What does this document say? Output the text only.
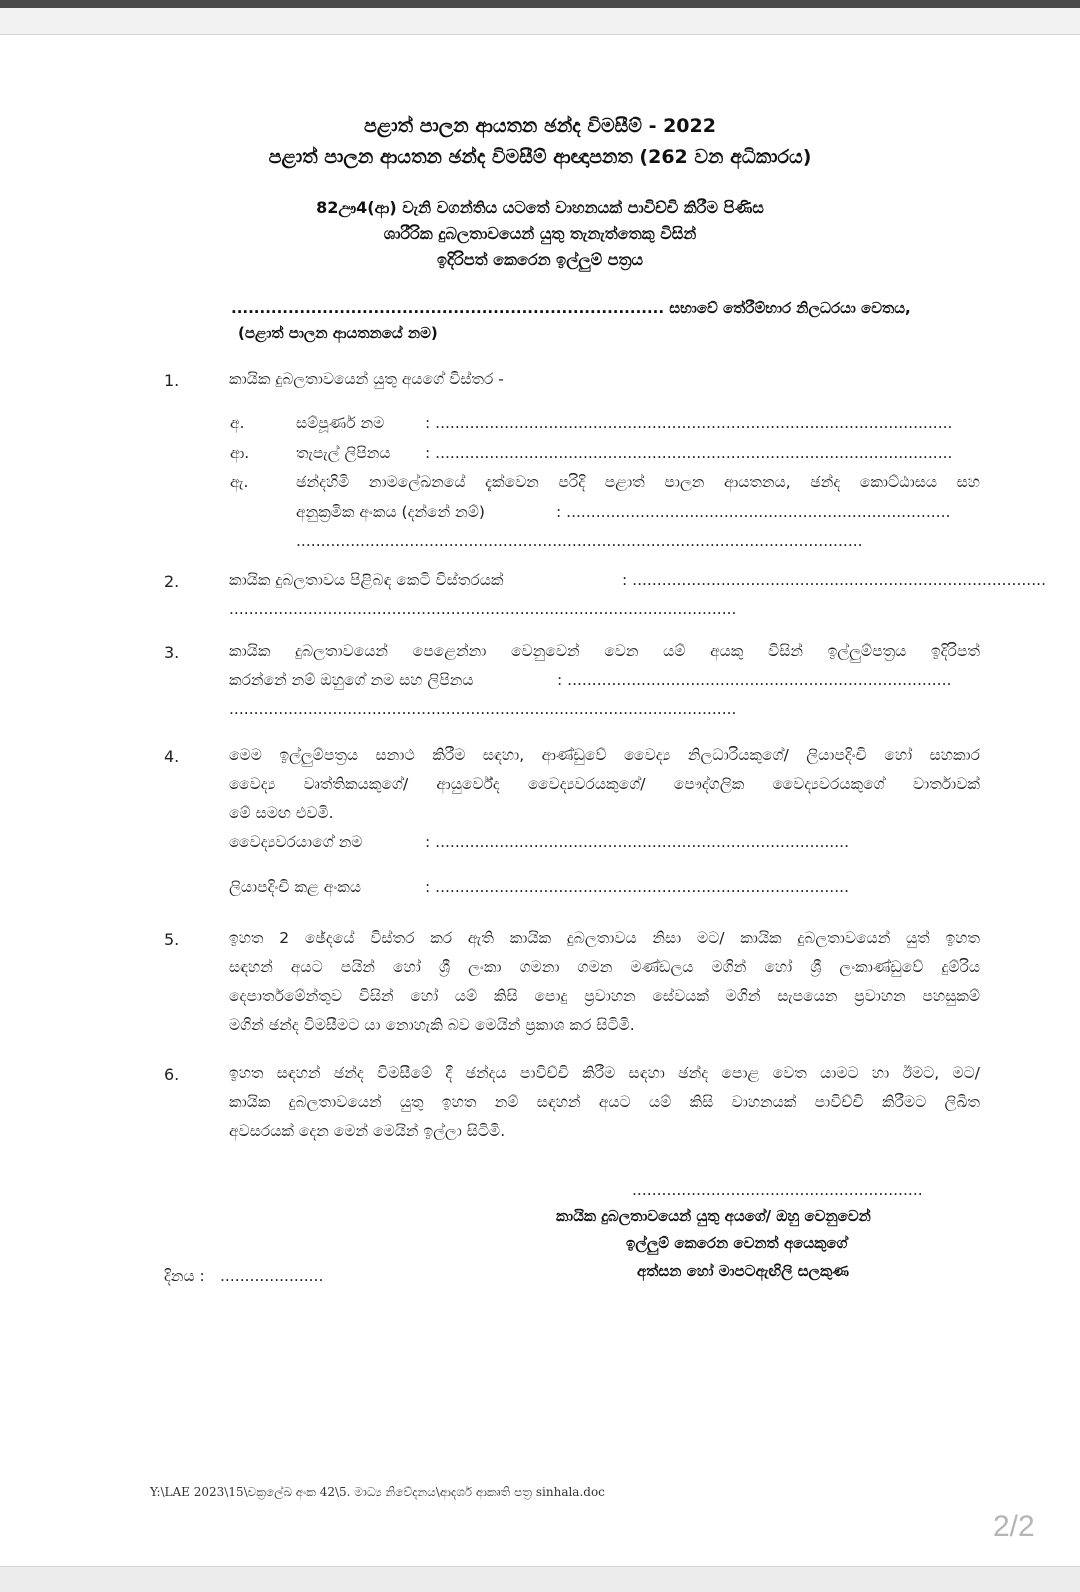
පළාත් පාලන ආයතන ඡන්ද විමසීම් - 2022
පළාත් පාලන ආයතන ඡන්ද විමසීම් ආඥාපනත (262 වන අධිකාරය)
82ඌ4(ආ) වැනි වගන්තිය යටතේ වාහනයක් පාවිච්චි කිරීම පිණිස
ශාරීරික දුබලතාවයෙන් යුතු තැනැත්තෙකු විසින්
ඉදිරිපත් කෙරෙන ඉල්ලුම් පත්‍රය
............................................................................ සභාවේ තේරීම්භාර නිලධරයා වෙතය,
(පළාත් පාලන ආයතනයේ නම)
1.	කායික දුබලතාවයෙන් යුතු අයගේ විස්තර -
අ.	සම්පූර්ණ නම	: .........................................................................................................
ආ.	තැපැල් ලිපිනය : .........................................................................................................
ඇ.	ඡන්දහිමි නාමලේඛනයේ දැක්වෙන පරිදි පළාත් පාලන ආයතනය, ඡන්ද කොට්ඨාසය සහ
අනුක්‍රමික අංකය (දන්නේ නම්)	: ..............................................................................
...................................................................................................................
2.	කායික දුබලතාවය පිළිබඳ කෙටි විස්තරයක්	: ....................................................................................
.......................................................................................................
3.	කායික දුබලතාවයෙන් පෙළෙන්නා වෙනුවෙන් වෙන යම් අයකු විසින් ඉල්ලුම්පත්‍රය ඉදිරිපත්
කරන්නේ නම් ඔහුගේ නම සහ ලිපිනය	: ..............................................................................
.......................................................................................................
4.	මෙම ඉල්ලුම්පත්‍රය සනාථ කිරීම සඳහා, ආණ්ඩුවේ වෛද්‍ය නිලධාරියකුගේ/ ලියාපදිංචි හෝ සහකාර
වෛද්‍ය වෘත්තිකයකුගේ/ ආයුර්වේද වෛද්‍යවරයකුගේ/ පෞද්ගලික වෛද්‍යවරයකුගේ වාර්තාවක්
මේ සමඟ එවමි.
වෛද්‍යවරයාගේ නම	: ....................................................................................
ලියාපදිංචි කළ අංකය	: ....................................................................................
5.	ඉහත 2 ඡේදයේ විස්තර කර ඇති කායික දුබලතාවය නිසා මට/ කායික දුබලතාවයෙන් යුත් ඉහත
සඳහන් අයට පයින් හෝ ශ්‍රී ලංකා ගමනා ගමන මණ්ඩලය මගින් හෝ ශ්‍රී ලංකාණ්ඩුවේ දුම්රිය
දෙපාර්තමේන්තුව විසින් හෝ යම් කිසි පොදු ප්‍රවාහන සේවයක් මගින් සැපයෙන ප්‍රවාහන පහසුකම්
මගින් ඡන්ද විමසීමට යා නොහැකි බව මෙයින් ප්‍රකාශ කර සිටිමි.
6.	ඉහත සඳහන් ඡන්ද විමසීමේ දී ඡන්දය පාවිච්චි කිරීම සඳහා ඡන්ද පොළ වෙත යාමට හා ඊමට, මට/
කායික දුබලතාවයෙන් යුතු ඉහත නම් සඳහන් අයට යම් කිසි වාහනයක් පාවිච්චි කිරීමට ලිඛිත
අවසරයක් දෙන මෙන් මෙයින් ඉල්ලා සිටිමි.
...........................................................
කායික දුබලතාවයෙන් යුතු අයගේ/ ඔහු වෙනුවෙන්
ඉල්ලුම් කෙරෙන වෙනත් අයෙකුගේ
අත්සන හෝ මාපටඇඟිලි සලකුණ
දිනය : .....................
Y:\LAE 2023\15\චක්‍රලේඛ අංක 42\5. මාධ්‍ය නිවේදනය\ආදර්ශ ආකෘති පත්‍ර sinhala.doc
2/2
